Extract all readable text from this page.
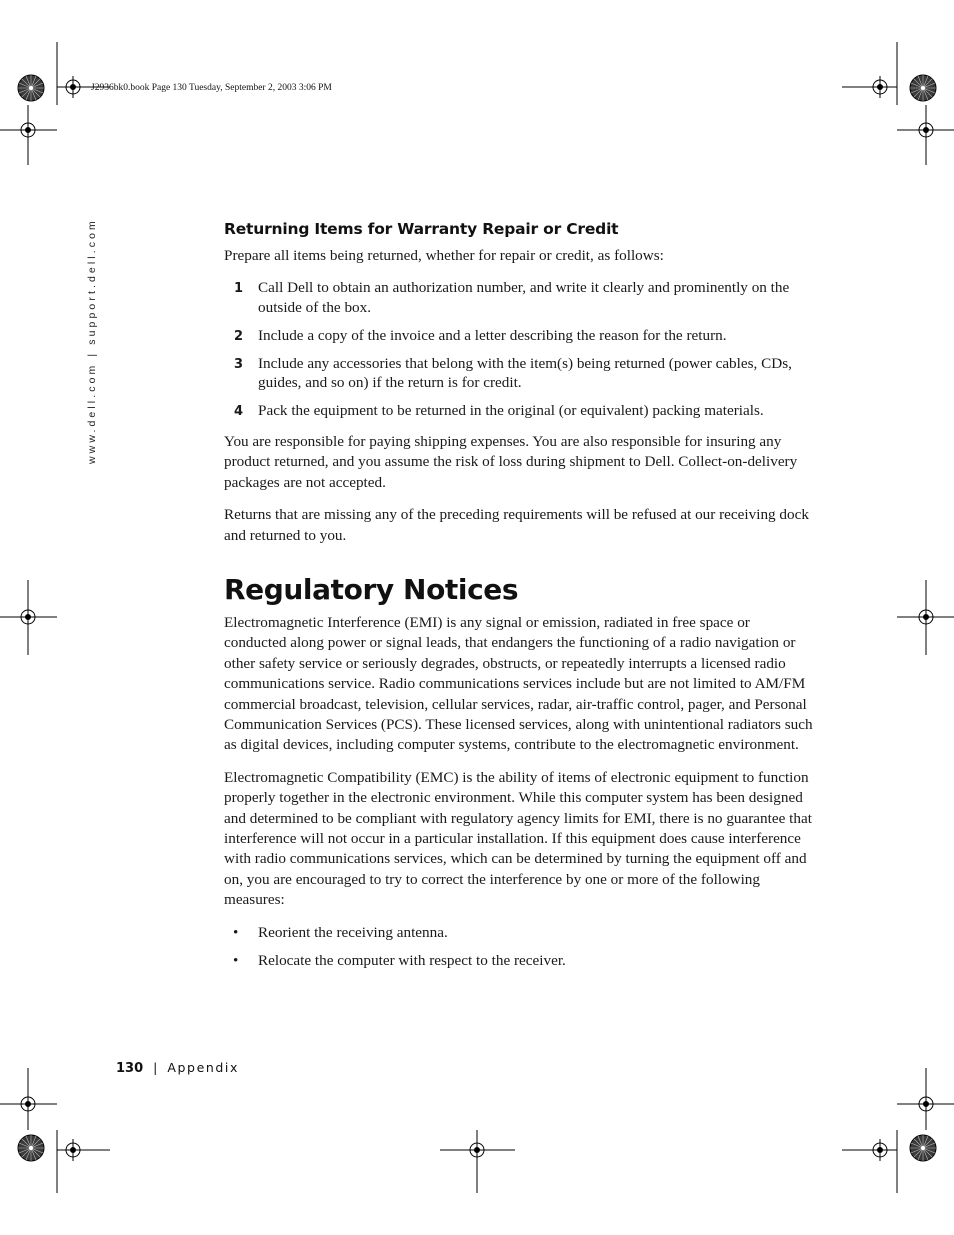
J2936bk0.book Page 130 Tuesday, September 2, 2003 3:06 PM
www.dell.com | support.dell.com	Returning Items for Warranty Repair or Credit

Prepare all items being returned, whether for repair or credit, as follows:

1 Call Dell to obtain an authorization number, and write it clearly and prominently on the outside of the box.
2 Include a copy of the invoice and a letter describing the reason for the return.
3 Include any accessories that belong with the item(s) being returned (power cables, CDs, guides, and so on) if the return is for credit.
4 Pack the equipment to be returned in the original (or equivalent) packing materials.

You are responsible for paying shipping expenses. You are also responsible for insuring any product returned, and you assume the risk of loss during shipment to Dell. Collect-on-delivery packages are not accepted.

Returns that are missing any of the preceding requirements will be refused at our receiving dock and returned to you.

Regulatory Notices

Electromagnetic Interference (EMI) is any signal or emission, radiated in free space or conducted along power or signal leads, that endangers the functioning of a radio navigation or other safety service or seriously degrades, obstructs, or repeatedly interrupts a licensed radio communications service. Radio communications services include but are not limited to AM/FM commercial broadcast, television, cellular services, radar, air-traffic control, pager, and Personal Communication Services (PCS). These licensed services, along with unintentional radiators such as digital devices, including computer systems, contribute to the electromagnetic environment.

Electromagnetic Compatibility (EMC) is the ability of items of electronic equipment to function properly together in the electronic environment. While this computer system has been designed and determined to be compliant with regulatory agency limits for EMI, there is no guarantee that interference will not occur in a particular installation. If this equipment does cause interference with radio communications services, which can be determined by turning the equipment off and on, you are encouraged to try to correct the interference by one or more of the following measures:

• Reorient the receiving antenna.
• Relocate the computer with respect to the receiver.
130 | Appendix
